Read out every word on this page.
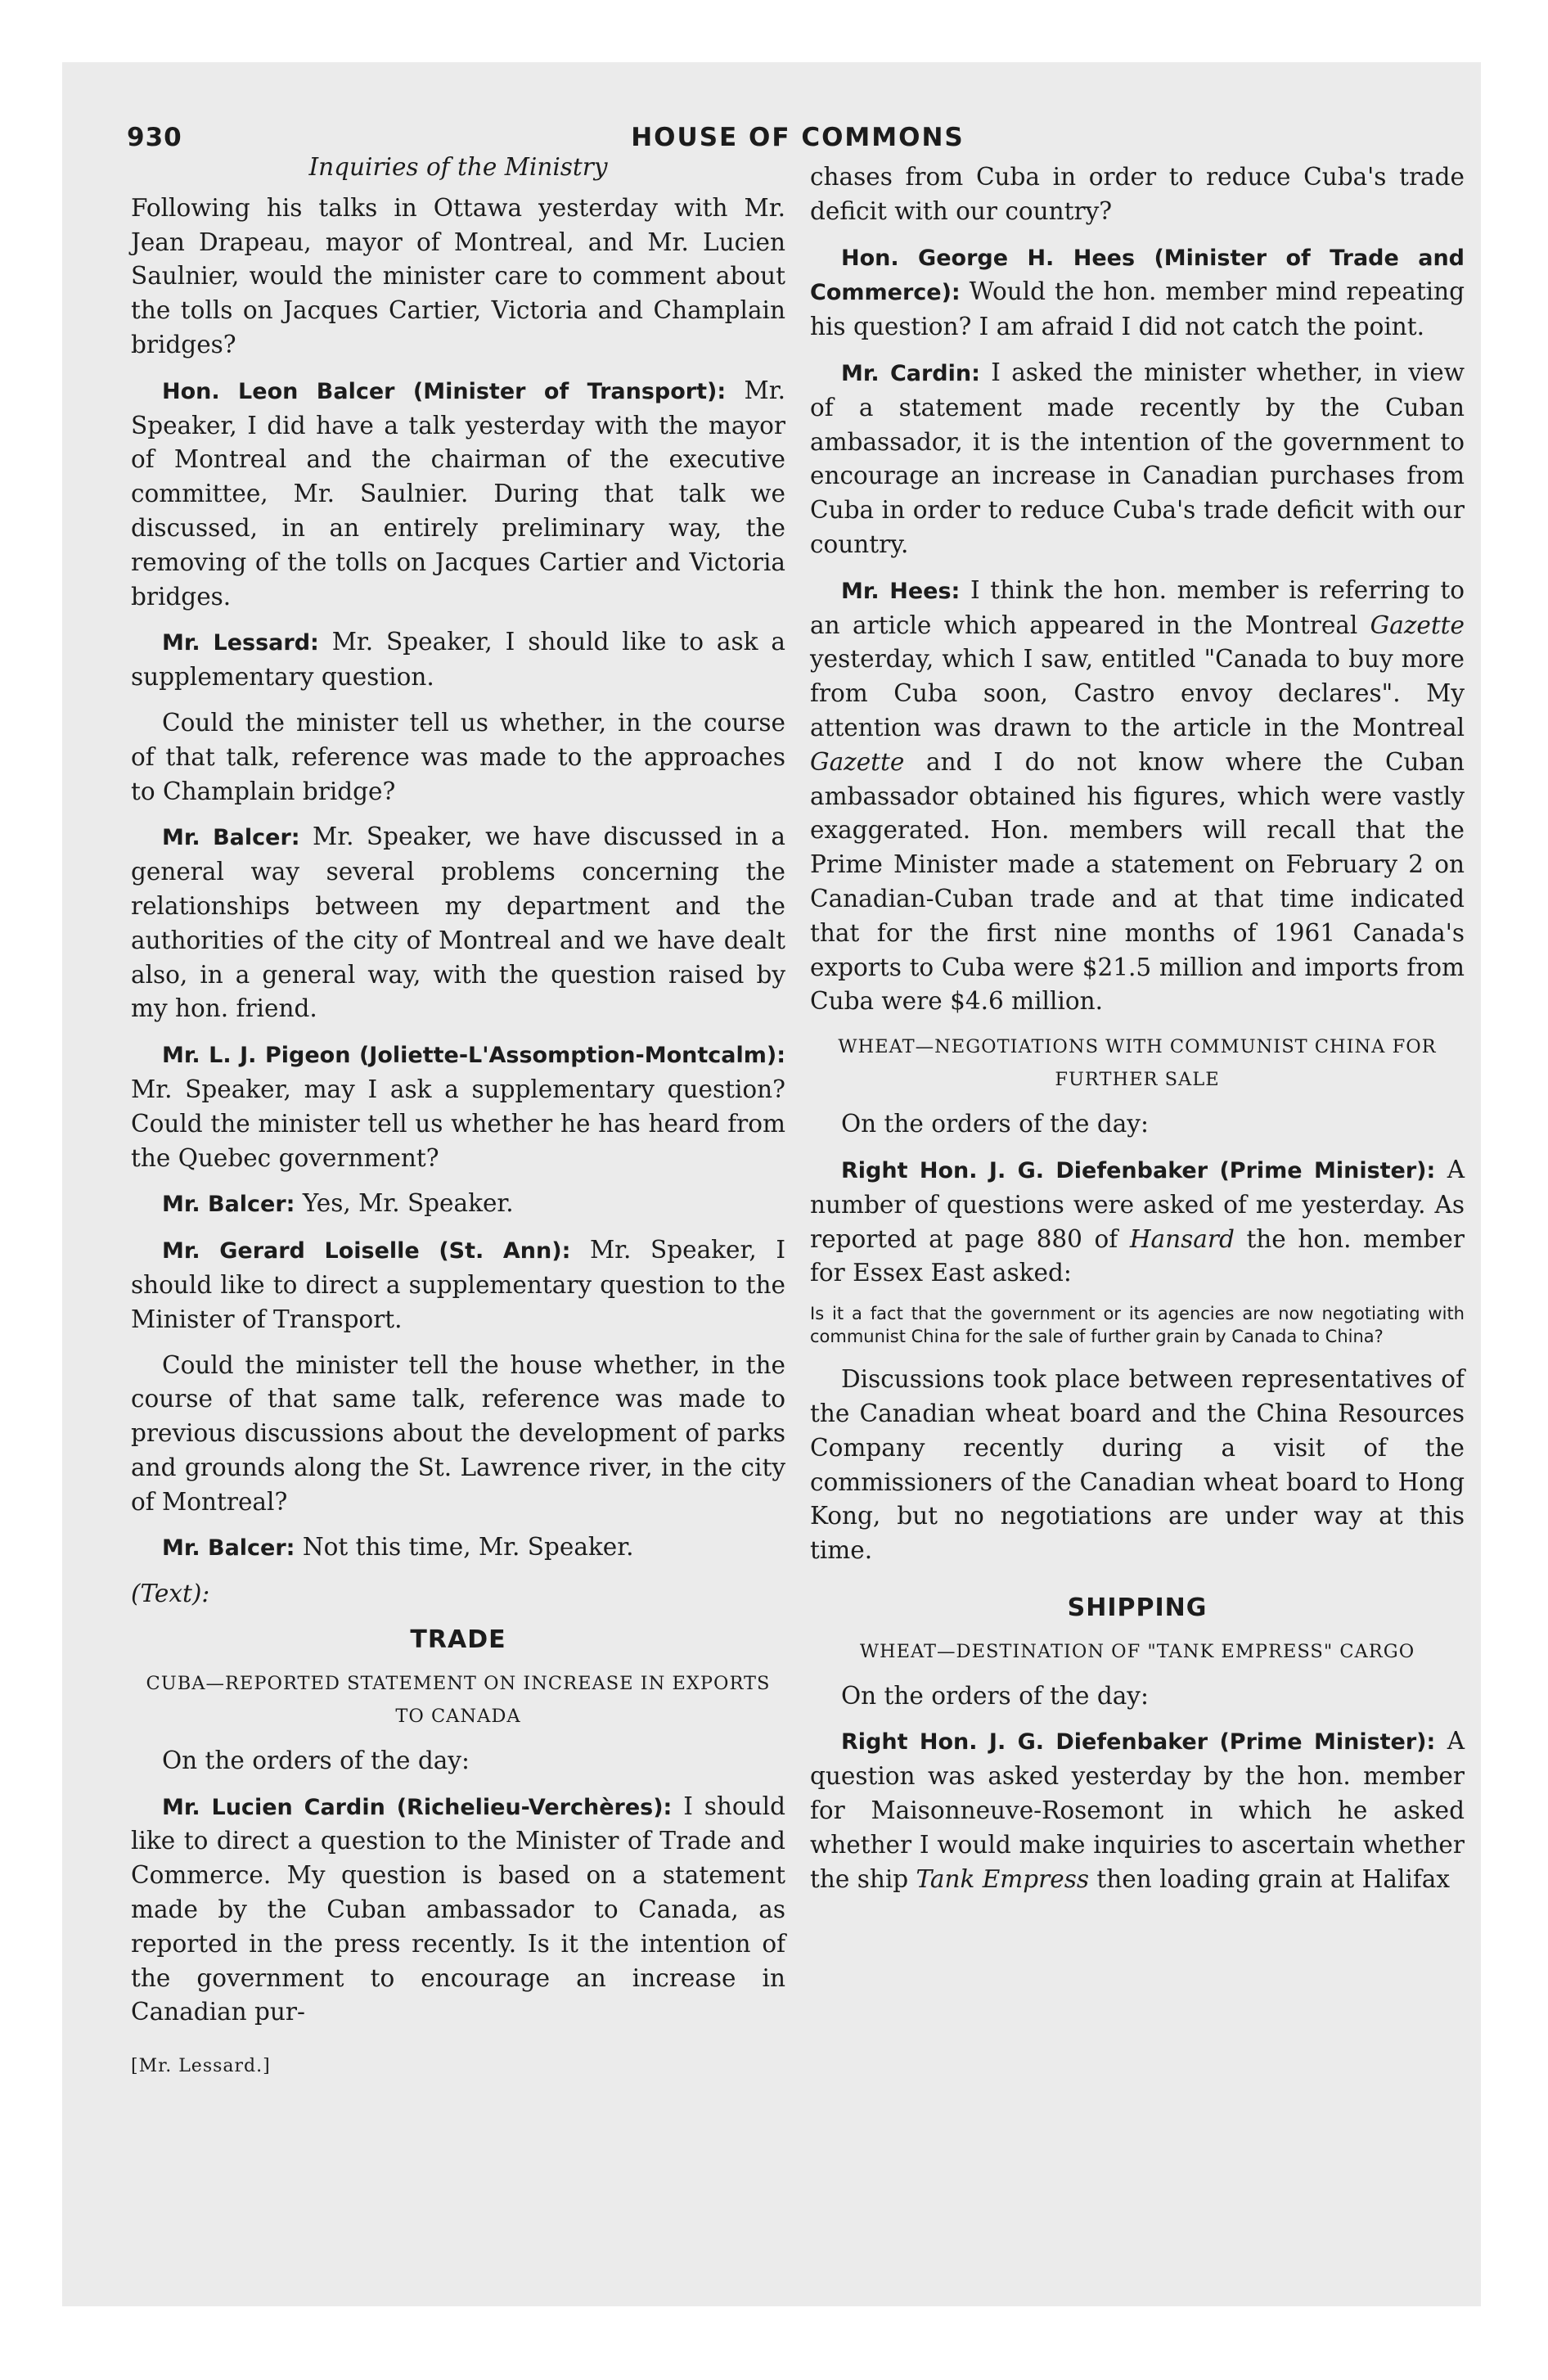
930	HOUSE OF COMMONS
Inquiries of the Ministry

Following his talks in Ottawa yesterday with Mr. Jean Drapeau, mayor of Montreal, and Mr. Lucien Saulnier, would the minister care to comment about the tolls on Jacques Cartier, Victoria and Champlain bridges?

Hon. Leon Balcer (Minister of Transport): Mr. Speaker, I did have a talk yesterday with the mayor of Montreal and the chairman of the executive committee, Mr. Saulnier. During that talk we discussed, in an entirely preliminary way, the removing of the tolls on Jacques Cartier and Victoria bridges.

Mr. Lessard: Mr. Speaker, I should like to ask a supplementary question.

Could the minister tell us whether, in the course of that talk, reference was made to the approaches to Champlain bridge?

Mr. Balcer: Mr. Speaker, we have discussed in a general way several problems concerning the relationships between my department and the authorities of the city of Montreal and we have dealt also, in a general way, with the question raised by my hon. friend.

Mr. L. J. Pigeon (Joliette-L'Assomption-Montcalm): Mr. Speaker, may I ask a supplementary question? Could the minister tell us whether he has heard from the Quebec government?

Mr. Balcer: Yes, Mr. Speaker.

Mr. Gerard Loiselle (St. Ann): Mr. Speaker, I should like to direct a supplementary question to the Minister of Transport.

Could the minister tell the house whether, in the course of that same talk, reference was made to previous discussions about the development of parks and grounds along the St. Lawrence river, in the city of Montreal?

Mr. Balcer: Not this time, Mr. Speaker.

(Text):
TRADE
CUBA—REPORTED STATEMENT ON INCREASE IN EXPORTS TO CANADA

On the orders of the day:

Mr. Lucien Cardin (Richelieu-Verchères): I should like to direct a question to the Minister of Trade and Commerce. My question is based on a statement made by the Cuban ambassador to Canada, as reported in the press recently. Is it the intention of the government to encourage an increase in Canadian pur-

[Mr. Lessard.]

chases from Cuba in order to reduce Cuba's trade deficit with our country?

Hon. George H. Hees (Minister of Trade and Commerce): Would the hon. member mind repeating his question? I am afraid I did not catch the point.

Mr. Cardin: I asked the minister whether, in view of a statement made recently by the Cuban ambassador, it is the intention of the government to encourage an increase in Canadian purchases from Cuba in order to reduce Cuba's trade deficit with our country.

Mr. Hees: I think the hon. member is referring to an article which appeared in the Montreal Gazette yesterday, which I saw, entitled "Canada to buy more from Cuba soon, Castro envoy declares". My attention was drawn to the article in the Montreal Gazette and I do not know where the Cuban ambassador obtained his figures, which were vastly exaggerated. Hon. members will recall that the Prime Minister made a statement on February 2 on Canadian-Cuban trade and at that time indicated that for the first nine months of 1961 Canada's exports to Cuba were $21.5 million and imports from Cuba were $4.6 million.

WHEAT—NEGOTIATIONS WITH COMMUNIST CHINA FOR FURTHER SALE

On the orders of the day:

Right Hon. J. G. Diefenbaker (Prime Minister): A number of questions were asked of me yesterday. As reported at page 880 of Hansard the hon. member for Essex East asked:

Is it a fact that the government or its agencies are now negotiating with communist China for the sale of further grain by Canada to China?

Discussions took place between representatives of the Canadian wheat board and the China Resources Company recently during a visit of the commissioners of the Canadian wheat board to Hong Kong, but no negotiations are under way at this time.

SHIPPING
WHEAT—DESTINATION OF "TANK EMPRESS" CARGO

On the orders of the day:

Right Hon. J. G. Diefenbaker (Prime Minister): A question was asked yesterday by the hon. member for Maisonneuve-Rosemont in which he asked whether I would make inquiries to ascertain whether the ship Tank Empress then loading grain at Halifax
